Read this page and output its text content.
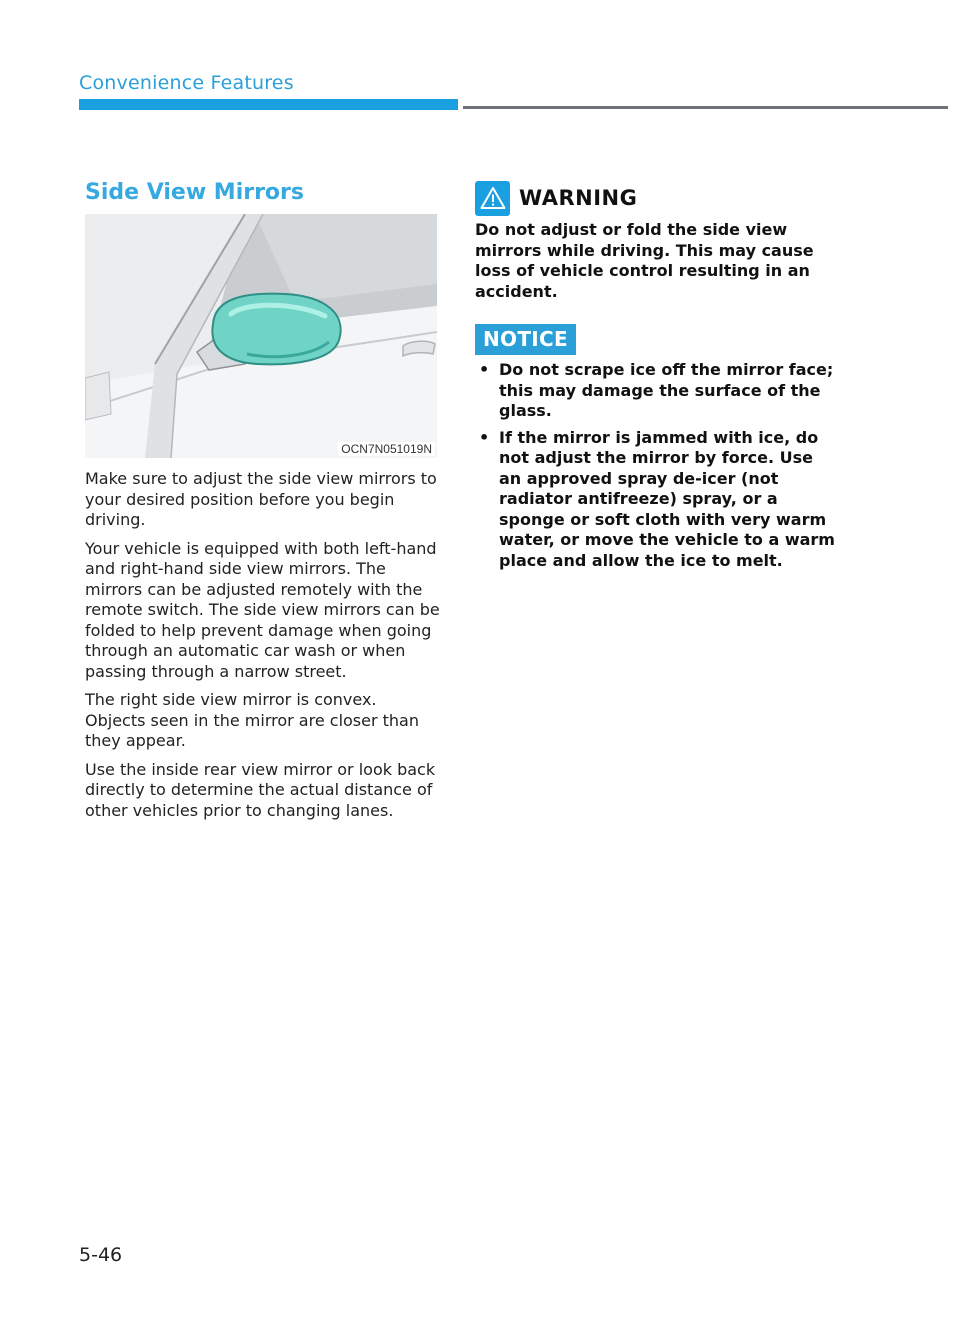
Convenience Features
Side View Mirrors
OCN7N051019N

Make sure to adjust the side view mirrors to your desired position before you begin driving.

Your vehicle is equipped with both left-hand and right-hand side view mirrors. The mirrors can be adjusted remotely with the remote switch. The side view mirrors can be folded to help prevent damage when going through an automatic car wash or when passing through a narrow street.

The right side view mirror is convex. Objects seen in the mirror are closer than they appear.

Use the inside rear view mirror or look back directly to determine the actual distance of other vehicles prior to changing lanes.

WARNING
Do not adjust or fold the side view mirrors while driving. This may cause loss of vehicle control resulting in an accident.
NOTICE
• Do not scrape ice off the mirror face; this may damage the surface of the glass.
• If the mirror is jammed with ice, do not adjust the mirror by force. Use an approved spray de-icer (not radiator antifreeze) spray, or a sponge or soft cloth with very warm water, or move the vehicle to a warm place and allow the ice to melt.
5-46
